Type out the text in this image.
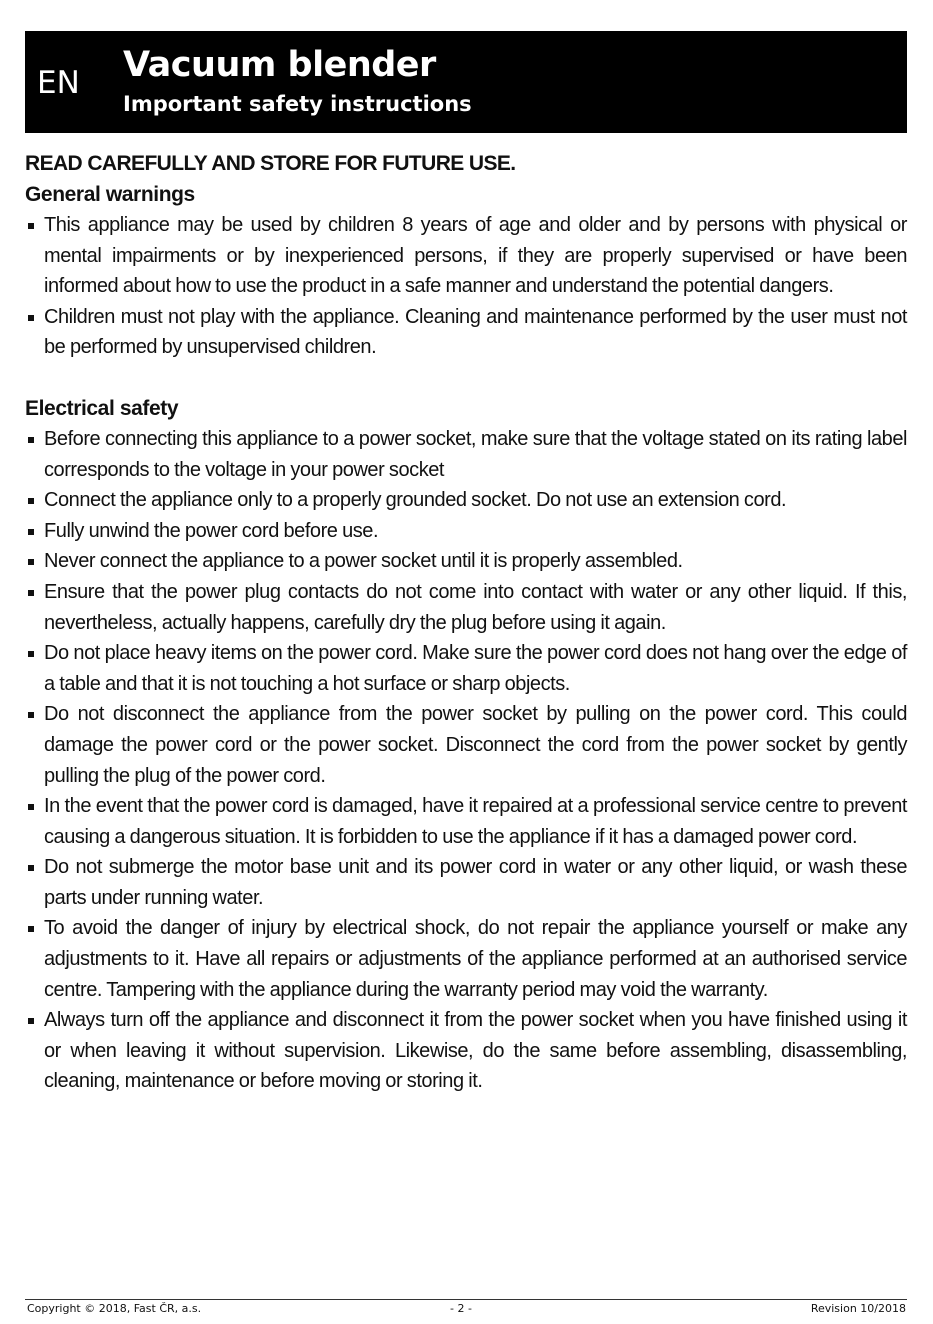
EN Vacuum blender
Important safety instructions
READ CAREFULLY AND STORE FOR FUTURE USE.
General warnings
This appliance may be used by children 8 years of age and older and by persons with physical or mental impairments or by inexperienced persons, if they are properly supervised or have been informed about how to use the product in a safe manner and understand the potential dangers.
Children must not play with the appliance. Cleaning and maintenance performed by the user must not be performed by unsupervised children.
Electrical safety
Before connecting this appliance to a power socket, make sure that the voltage stated on its rating label corresponds to the voltage in your power socket
Connect the appliance only to a properly grounded socket. Do not use an extension cord.
Fully unwind the power cord before use.
Never connect the appliance to a power socket until it is properly assembled.
Ensure that the power plug contacts do not come into contact with water or any other liquid. If this, nevertheless, actually happens, carefully dry the plug before using it again.
Do not place heavy items on the power cord. Make sure the power cord does not hang over the edge of a table and that it is not touching a hot surface or sharp objects.
Do not disconnect the appliance from the power socket by pulling on the power cord. This could damage the power cord or the power socket. Disconnect the cord from the power socket by gently pulling the plug of the power cord.
In the event that the power cord is damaged, have it repaired at a professional service centre to prevent causing a dangerous situation. It is forbidden to use the appliance if it has a damaged power cord.
Do not submerge the motor base unit and its power cord in water or any other liquid, or wash these parts under running water.
To avoid the danger of injury by electrical shock, do not repair the appliance yourself or make any adjustments to it. Have all repairs or adjustments of the appliance performed at an authorised service centre. Tampering with the appliance during the warranty period may void the warranty.
Always turn off the appliance and disconnect it from the power socket when you have finished using it or when leaving it without supervision. Likewise, do the same before assembling, disassembling, cleaning, maintenance or before moving or storing it.
Copyright © 2018, Fast ČR, a.s.	- 2 -	Revision 10/2018
